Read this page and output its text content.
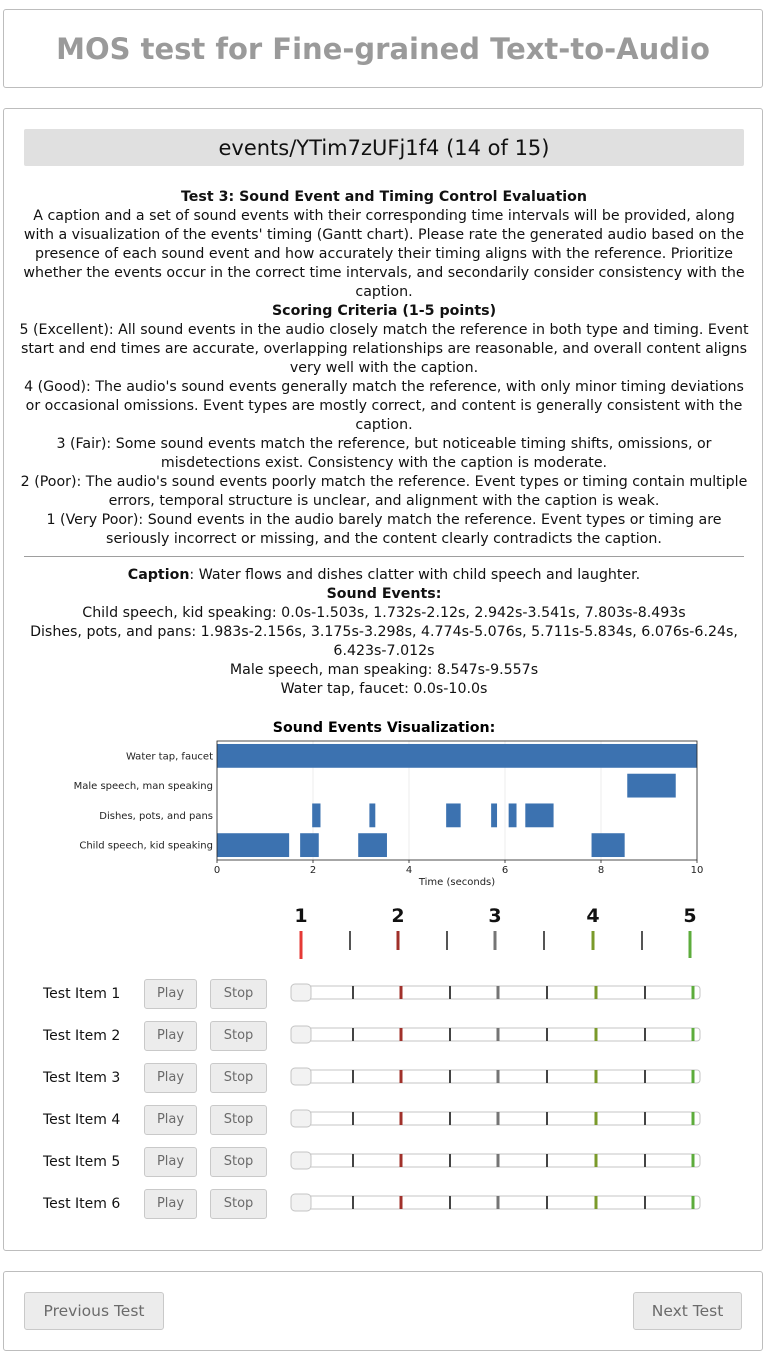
MOS test for Fine-grained Text-to-Audio
events/YTim7zUFj1f4 (14 of 15)

Test 3: Sound Event and Timing Control Evaluation

A caption and a set of sound events with their corresponding time intervals will be provided, along with a visualization of the events' timing (Gantt chart). Please rate the generated audio based on the presence of each sound event and how accurately their timing aligns with the reference. Prioritize whether the events occur in the correct time intervals, and secondarily consider consistency with the caption.

Scoring Criteria (1-5 points)

5 (Excellent): All sound events in the audio closely match the reference in both type and timing. Event start and end times are accurate, overlapping relationships are reasonable, and overall content aligns very well with the caption.

4 (Good): The audio's sound events generally match the reference, with only minor timing deviations or occasional omissions. Event types are mostly correct, and content is generally consistent with the caption.

3 (Fair): Some sound events match the reference, but noticeable timing shifts, omissions, or misdetections exist. Consistency with the caption is moderate.

2 (Poor): The audio's sound events poorly match the reference. Event types or timing contain multiple errors, temporal structure is unclear, and alignment with the caption is weak.

1 (Very Poor): Sound events in the audio barely match the reference. Event types or timing are seriously incorrect or missing, and the content clearly contradicts the caption.

Caption: Water flows and dishes clatter with child speech and laughter.

Sound Events:

Child speech, kid speaking: 0.0s-1.503s, 1.732s-2.12s, 2.942s-3.541s, 7.803s-8.493s

Dishes, pots, and pans: 1.983s-2.156s, 3.175s-3.298s, 4.774s-5.076s, 5.711s-5.834s, 6.076s-6.24s, 6.423s-7.012s

Male speech, man speaking: 8.547s-9.557s

Water tap, faucet: 0.0s-10.0s

Sound Events Visualization:
Water tap, faucet
Male speech, man speaking
Dishes, pots, and pans
Child speech, kid speaking
0	2	4	6	8	10
Time (seconds)
1	2	3	4	5
Test Item 1	Play	Stop
Test Item 2	Play	Stop
Test Item 3	Play	Stop
Test Item 4	Play	Stop
Test Item 5	Play	Stop
Test Item 6	Play	Stop
Previous Test	Next Test
